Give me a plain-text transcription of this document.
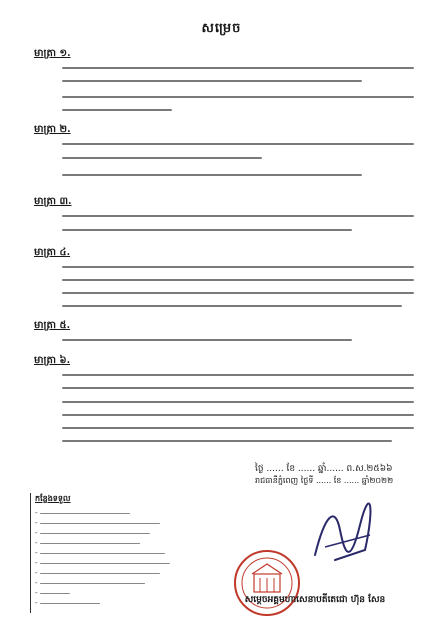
សម្រេច
មាត្រា ១.
មាត្រា ២.
មាត្រា ៣.
មាត្រា ៤.
មាត្រា ៥.
មាត្រា ៦.
ថ្ងៃ ...... ខែ ...... ឆ្នាំ...... ព.ស.២៥៦៦
រាជធានីភ្នំពេញ ថ្ងៃទី ...... ខែ ...... ឆ្នាំ២០២២
កន្លែងទទួល
-
-
-
-
-
-
-
-
-
-	សម្តេចអគ្គមហាសេនាបតីតេជោ ហ៊ុន សែន
